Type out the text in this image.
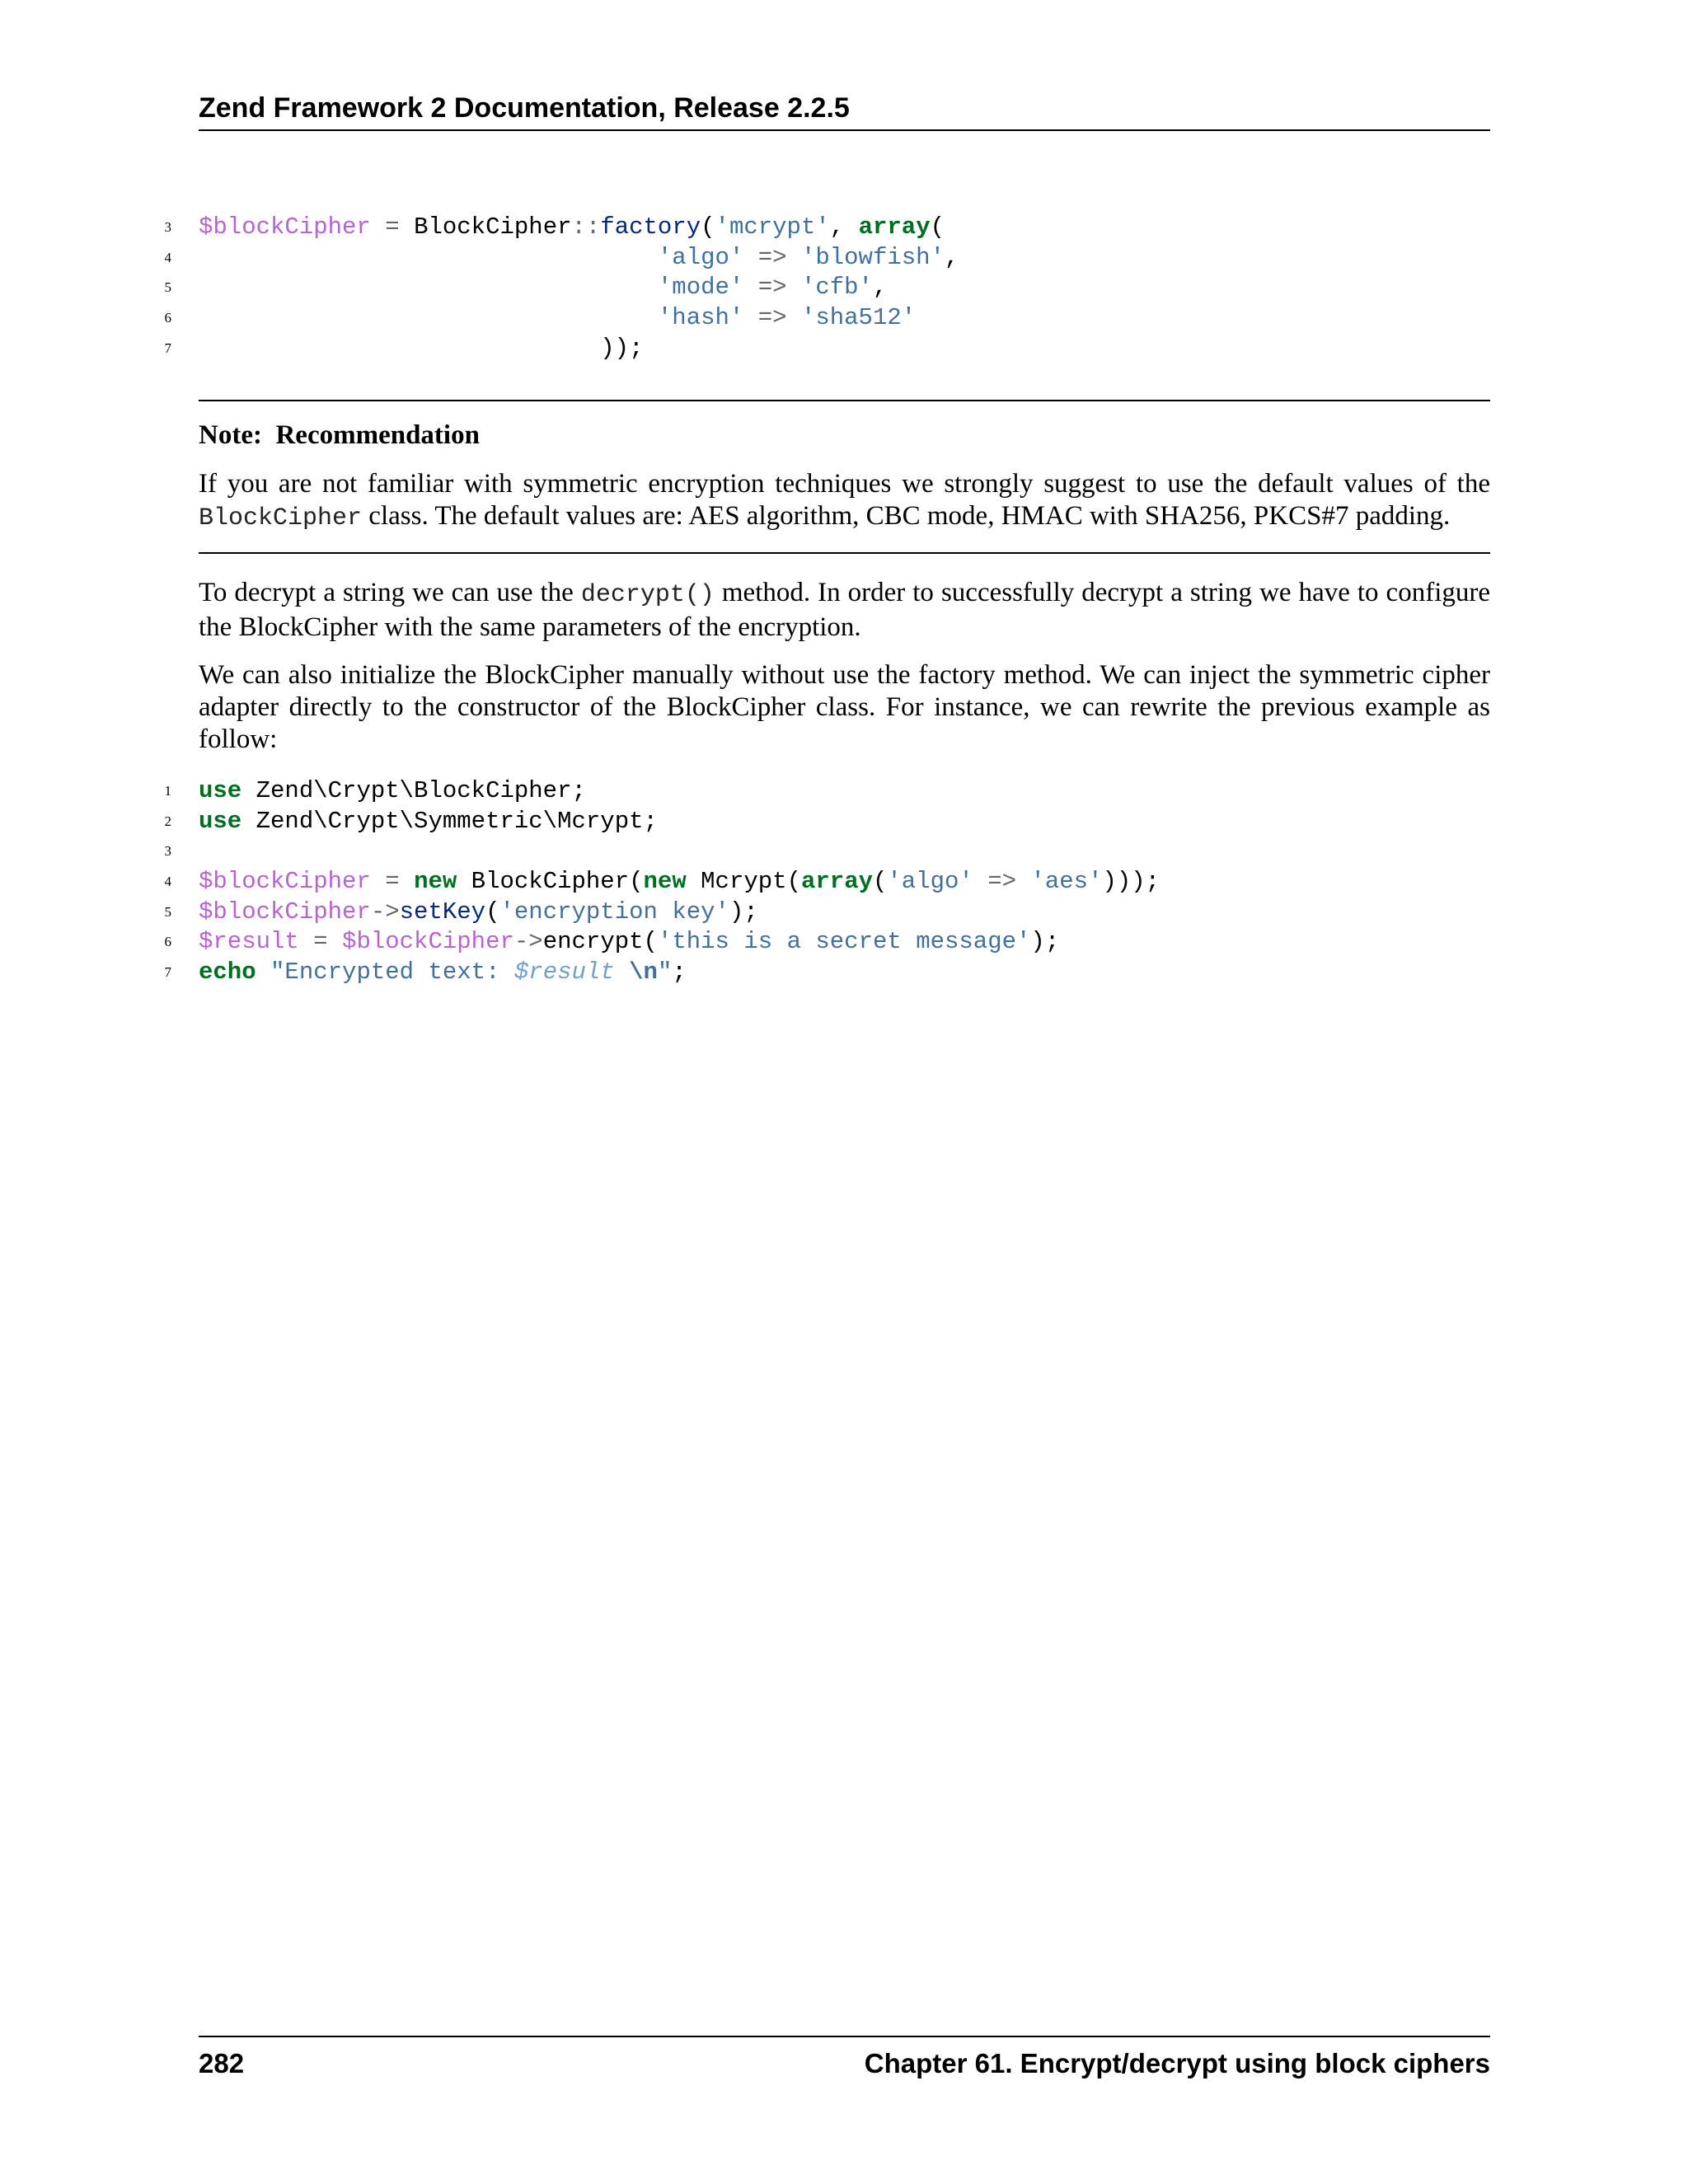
Zend Framework 2 Documentation, Release 2.2.5
3 $blockCipher = BlockCipher::factory('mcrypt', array(
4	'algo' => 'blowfish',
5	'mode' => 'cfb',
6	'hash' => 'sha512'
7 ));
Note: Recommendation
If you are not familiar with symmetric encryption techniques we strongly suggest to use the default values of the BlockCipher class. The default values are: AES algorithm, CBC mode, HMAC with SHA256, PKCS#7 padding.
To decrypt a string we can use the decrypt() method. In order to successfully decrypt a string we have to configure the BlockCipher with the same parameters of the encryption.
We can also initialize the BlockCipher manually without use the factory method. We can inject the symmetric cipher adapter directly to the constructor of the BlockCipher class. For instance, we can rewrite the previous example as follow:
1 use Zend\Crypt\BlockCipher;
2 use Zend\Crypt\Symmetric\Mcrypt;
3
4 $blockCipher = new BlockCipher(new Mcrypt(array('algo' => 'aes')));
5 $blockCipher->setKey('encryption key');
6 $result = $blockCipher->encrypt('this is a secret message');
7 echo "Encrypted text: $result \n";
282	Chapter 61. Encrypt/decrypt using block ciphers
